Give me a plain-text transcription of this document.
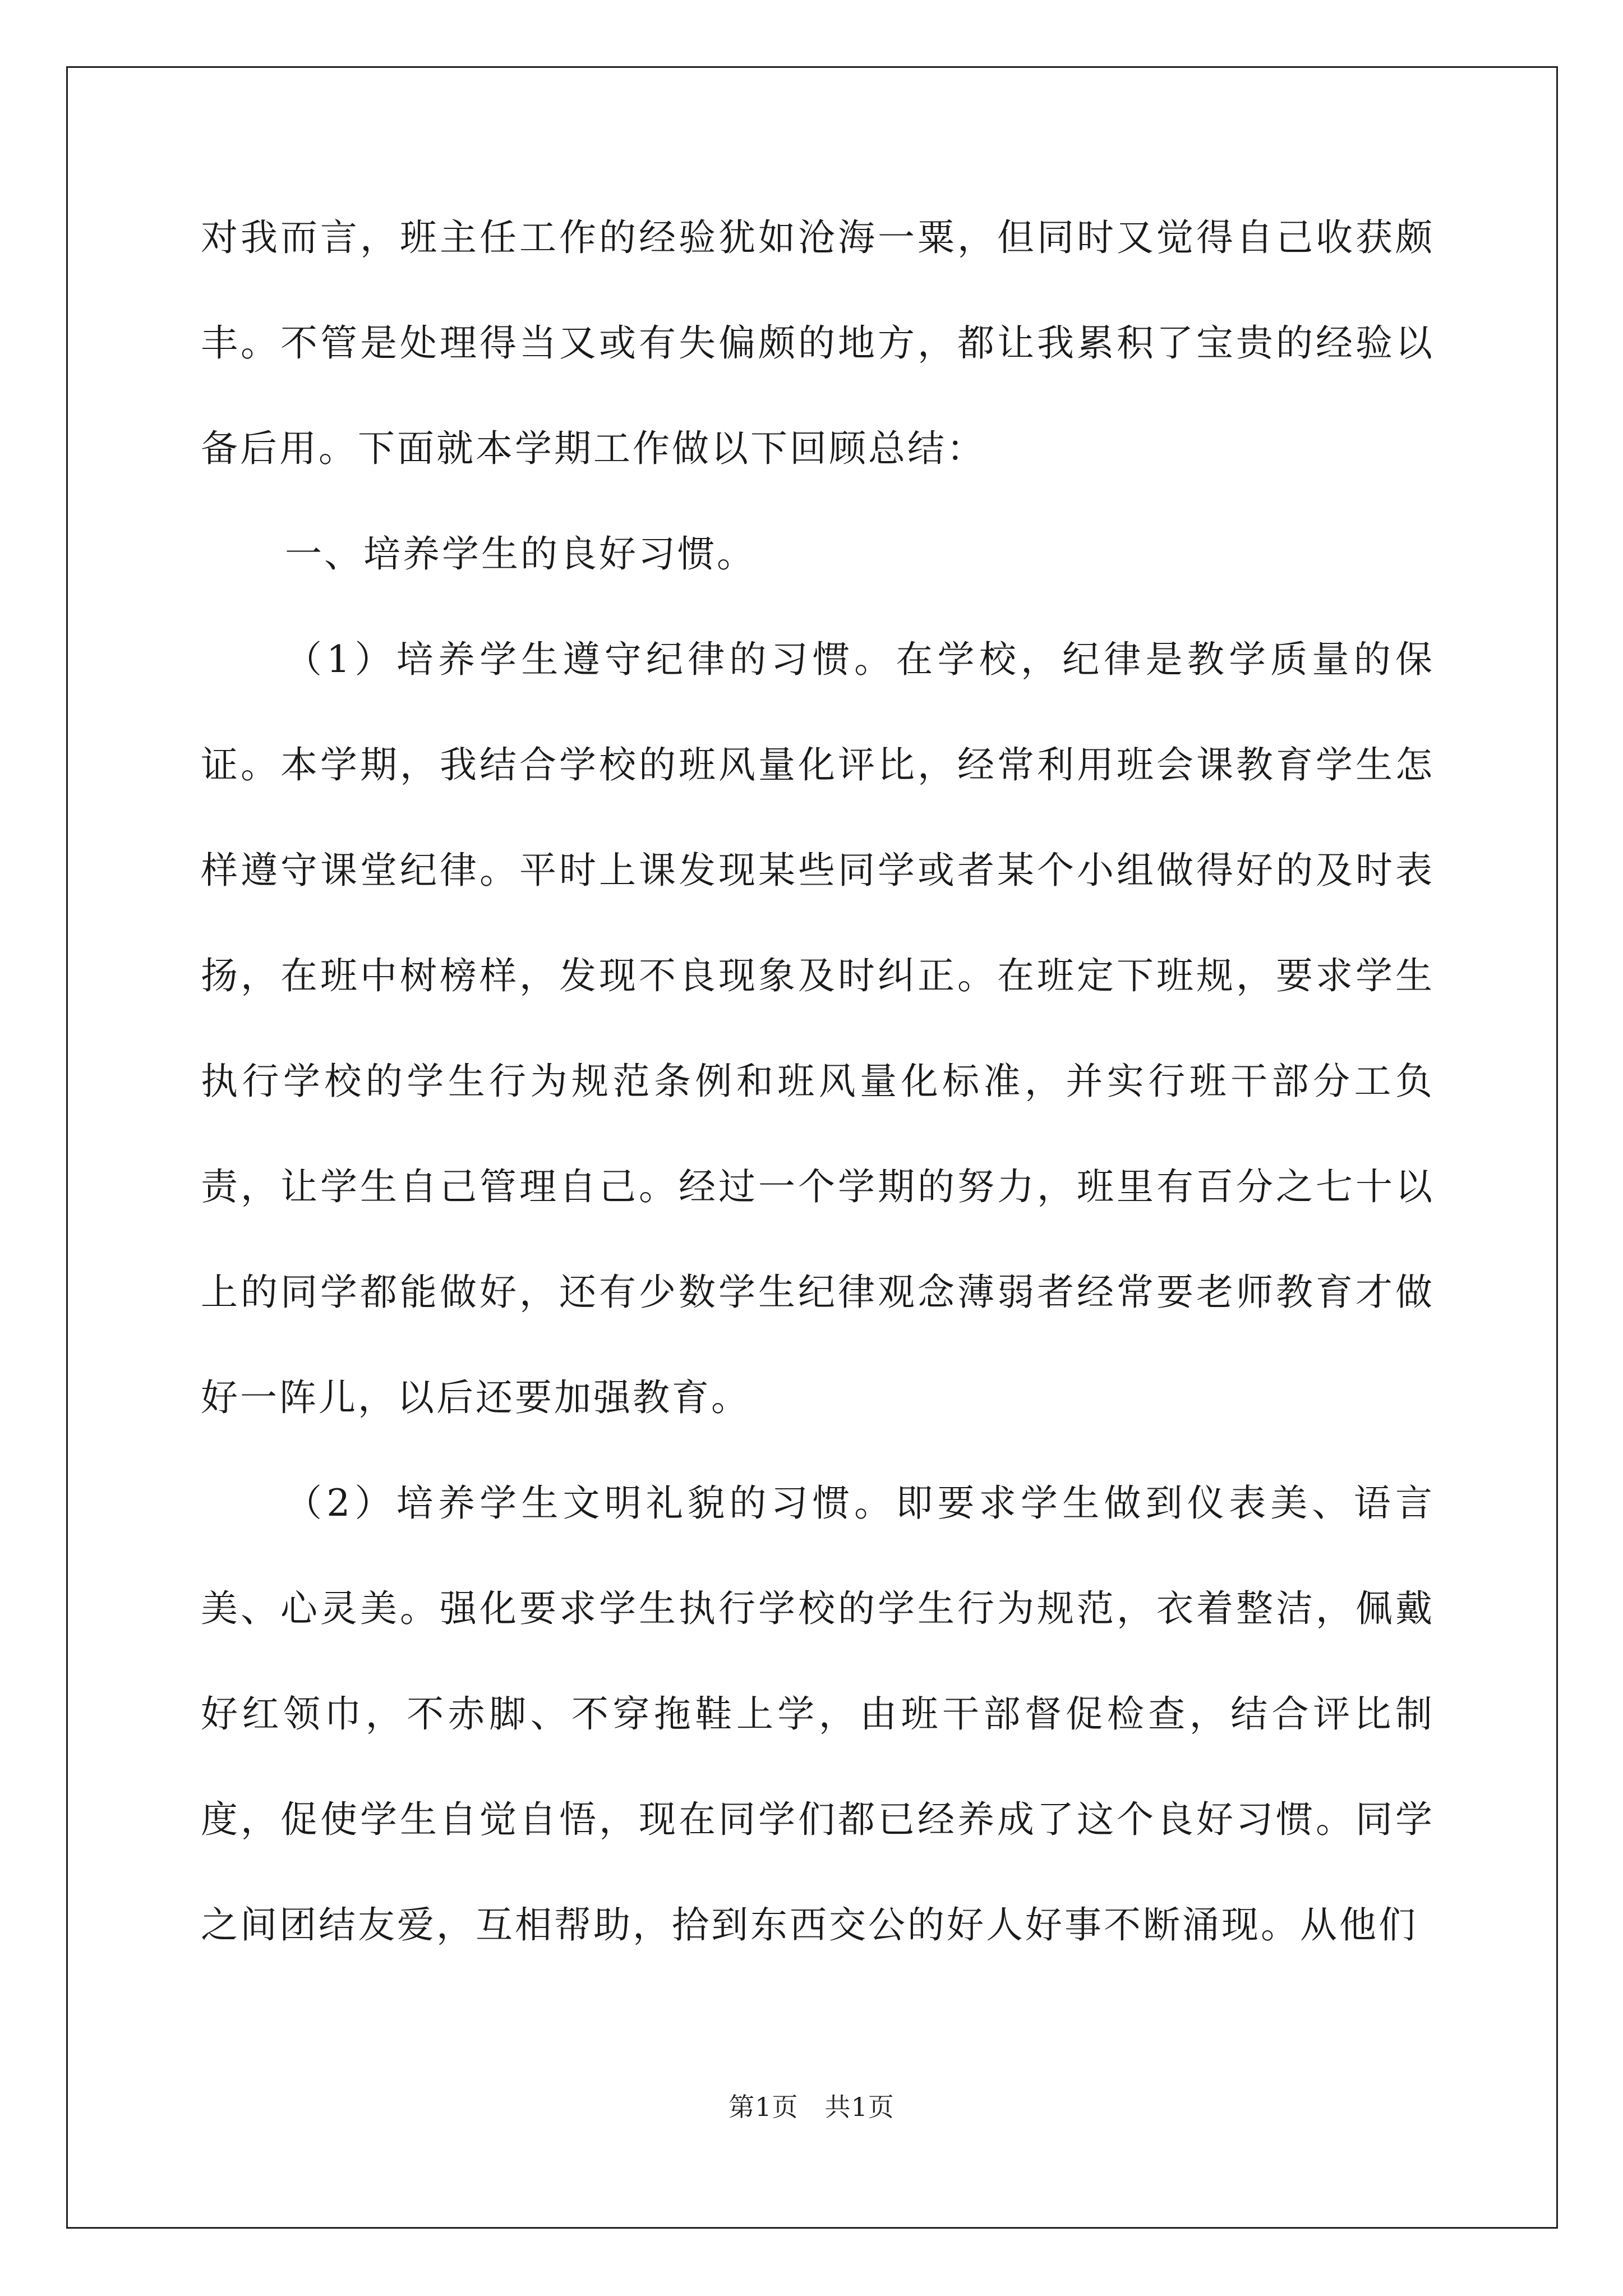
对我而言，班主任工作的经验犹如沧海一粟，但同时又觉得自己收获颇丰。不管是处理得当又或有失偏颇的地方，都让我累积了宝贵的经验以备后用。下面就本学期工作做以下回顾总结：

一、培养学生的良好习惯。

（1）培养学生遵守纪律的习惯。在学校，纪律是教学质量的保证。本学期，我结合学校的班风量化评比，经常利用班会课教育学生怎样遵守课堂纪律。平时上课发现某些同学或者某个小组做得好的及时表扬，在班中树榜样，发现不良现象及时纠正。在班定下班规，要求学生执行学校的学生行为规范条例和班风量化标准，并实行班干部分工负责，让学生自己管理自己。经过一个学期的努力，班里有百分之七十以上的同学都能做好，还有少数学生纪律观念薄弱者经常要老师教育才做好一阵儿，以后还要加强教育。

（2）培养学生文明礼貌的习惯。即要求学生做到仪表美、语言美、心灵美。强化要求学生执行学校的学生行为规范，衣着整洁，佩戴好红领巾，不赤脚、不穿拖鞋上学，由班干部督促检查，结合评比制度，促使学生自觉自悟，现在同学们都已经养成了这个良好习惯。同学之间团结友爱，互相帮助，拾到东西交公的好人好事不断涌现。从他们

第1页 共1页
